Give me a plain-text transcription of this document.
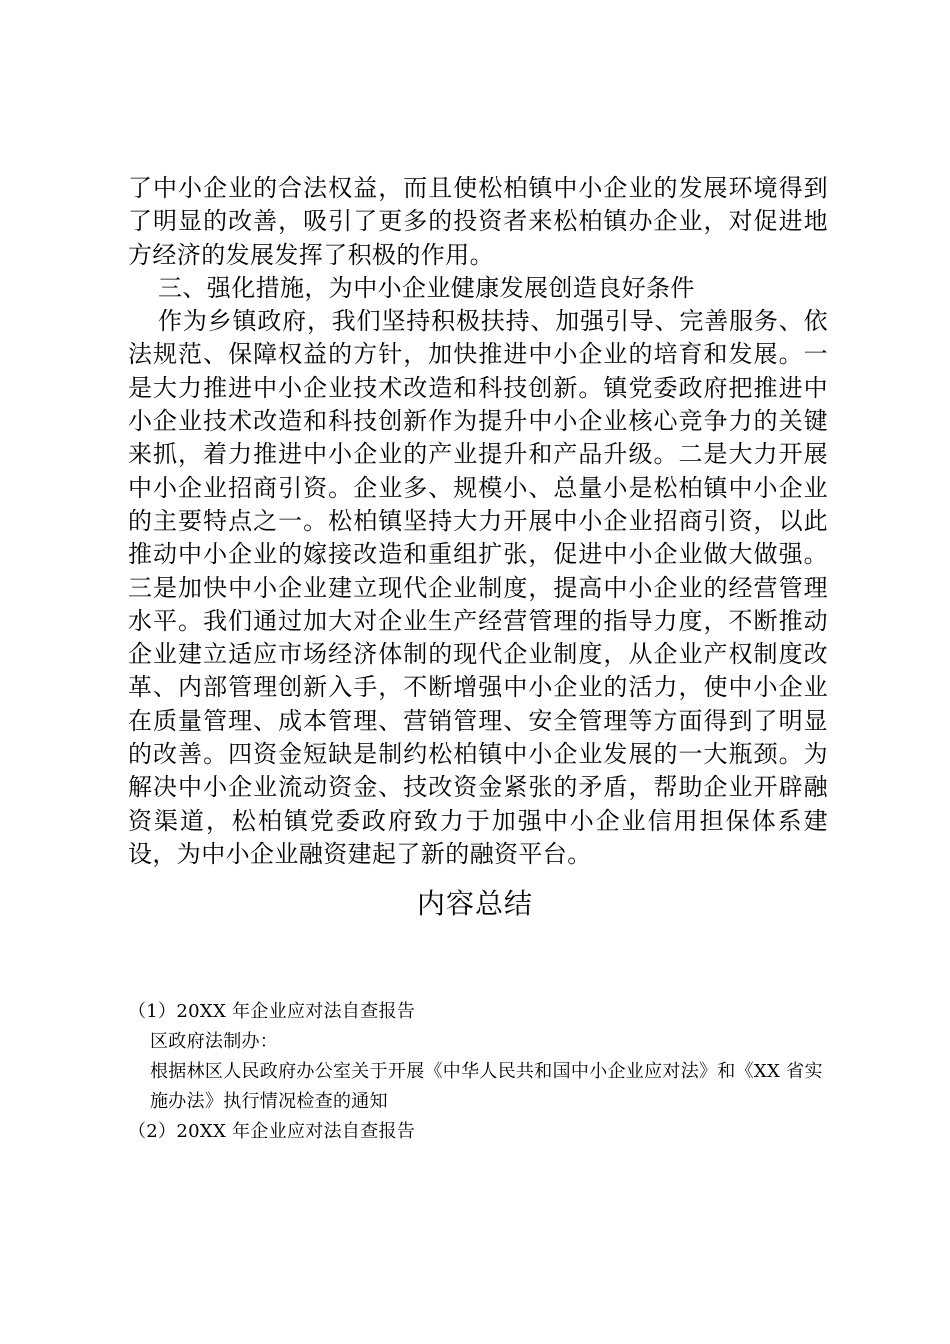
了中小企业的合法权益，而且使松柏镇中小企业的发展环境得到了明显的改善，吸引了更多的投资者来松柏镇办企业，对促进地方经济的发展发挥了积极的作用。

三、强化措施，为中小企业健康发展创造良好条件

作为乡镇政府，我们坚持积极扶持、加强引导、完善服务、依法规范、保障权益的方针，加快推进中小企业的培育和发展。一是大力推进中小企业技术改造和科技创新。镇党委政府把推进中小企业技术改造和科技创新作为提升中小企业核心竞争力的关键来抓，着力推进中小企业的产业提升和产品升级。二是大力开展中小企业招商引资。企业多、规模小、总量小是松柏镇中小企业的主要特点之一。松柏镇坚持大力开展中小企业招商引资，以此推动中小企业的嫁接改造和重组扩张，促进中小企业做大做强。三是加快中小企业建立现代企业制度，提高中小企业的经营管理水平。我们通过加大对企业生产经营管理的指导力度，不断推动企业建立适应市场经济体制的现代企业制度，从企业产权制度改革、内部管理创新入手，不断增强中小企业的活力，使中小企业在质量管理、成本管理、营销管理、安全管理等方面得到了明显的改善。四资金短缺是制约松柏镇中小企业发展的一大瓶颈。为解决中小企业流动资金、技改资金紧张的矛盾，帮助企业开辟融资渠道，松柏镇党委政府致力于加强中小企业信用担保体系建设，为中小企业融资建起了新的融资平台。

内容总结

（1）20XX 年企业应对法自查报告

区政府法制办：

根据林区人民政府办公室关于开展《中华人民共和国中小企业应对法》和《XX 省实施办法》执行情况检查的通知

（2）20XX 年企业应对法自查报告
